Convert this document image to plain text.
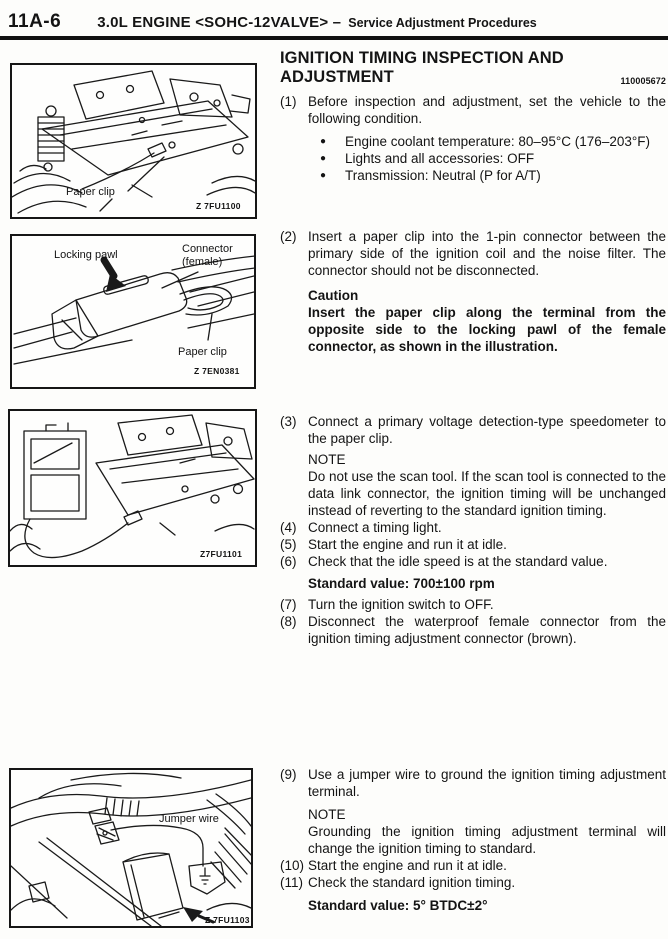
11A-6 3.0L ENGINE <SOHC-12VALVE> – Service Adjustment Procedures
Paper clip
Z 7FU1100
Locking pawl	Connector
(female)
Paper clip
Z 7EN0381
Z7FU1101
Jumper wire
Z 7FU1103
IGNITION TIMING INSPECTION AND ADJUSTMENT	110005672
(1) Before inspection and adjustment, set the vehicle to the following condition.
●	Engine coolant temperature: 80–95°C (176–203°F)
●	Lights and all accessories: OFF
●	Transmission: Neutral (P for A/T)
(2) Insert a paper clip into the 1-pin connector between the primary side of the ignition coil and the noise filter. The connector should not be disconnected.
Caution
Insert the paper clip along the terminal from the opposite side to the locking pawl of the female connector, as shown in the illustration.
(3) Connect a primary voltage detection-type speedometer to the paper clip.
NOTE
Do not use the scan tool. If the scan tool is connected to the data link connector, the ignition timing will be unchanged instead of reverting to the standard ignition timing.
(4) Connect a timing light.
(5) Start the engine and run it at idle.
(6) Check that the idle speed is at the standard value.
Standard value: 700±100 rpm
(7) Turn the ignition switch to OFF.
(8) Disconnect the waterproof female connector from the ignition timing adjustment connector (brown).
(9) Use a jumper wire to ground the ignition timing adjustment terminal.
NOTE
Grounding the ignition timing adjustment terminal will change the ignition timing to standard.
(10) Start the engine and run it at idle.
(11) Check the standard ignition timing.
Standard value: 5° BTDC±2°
